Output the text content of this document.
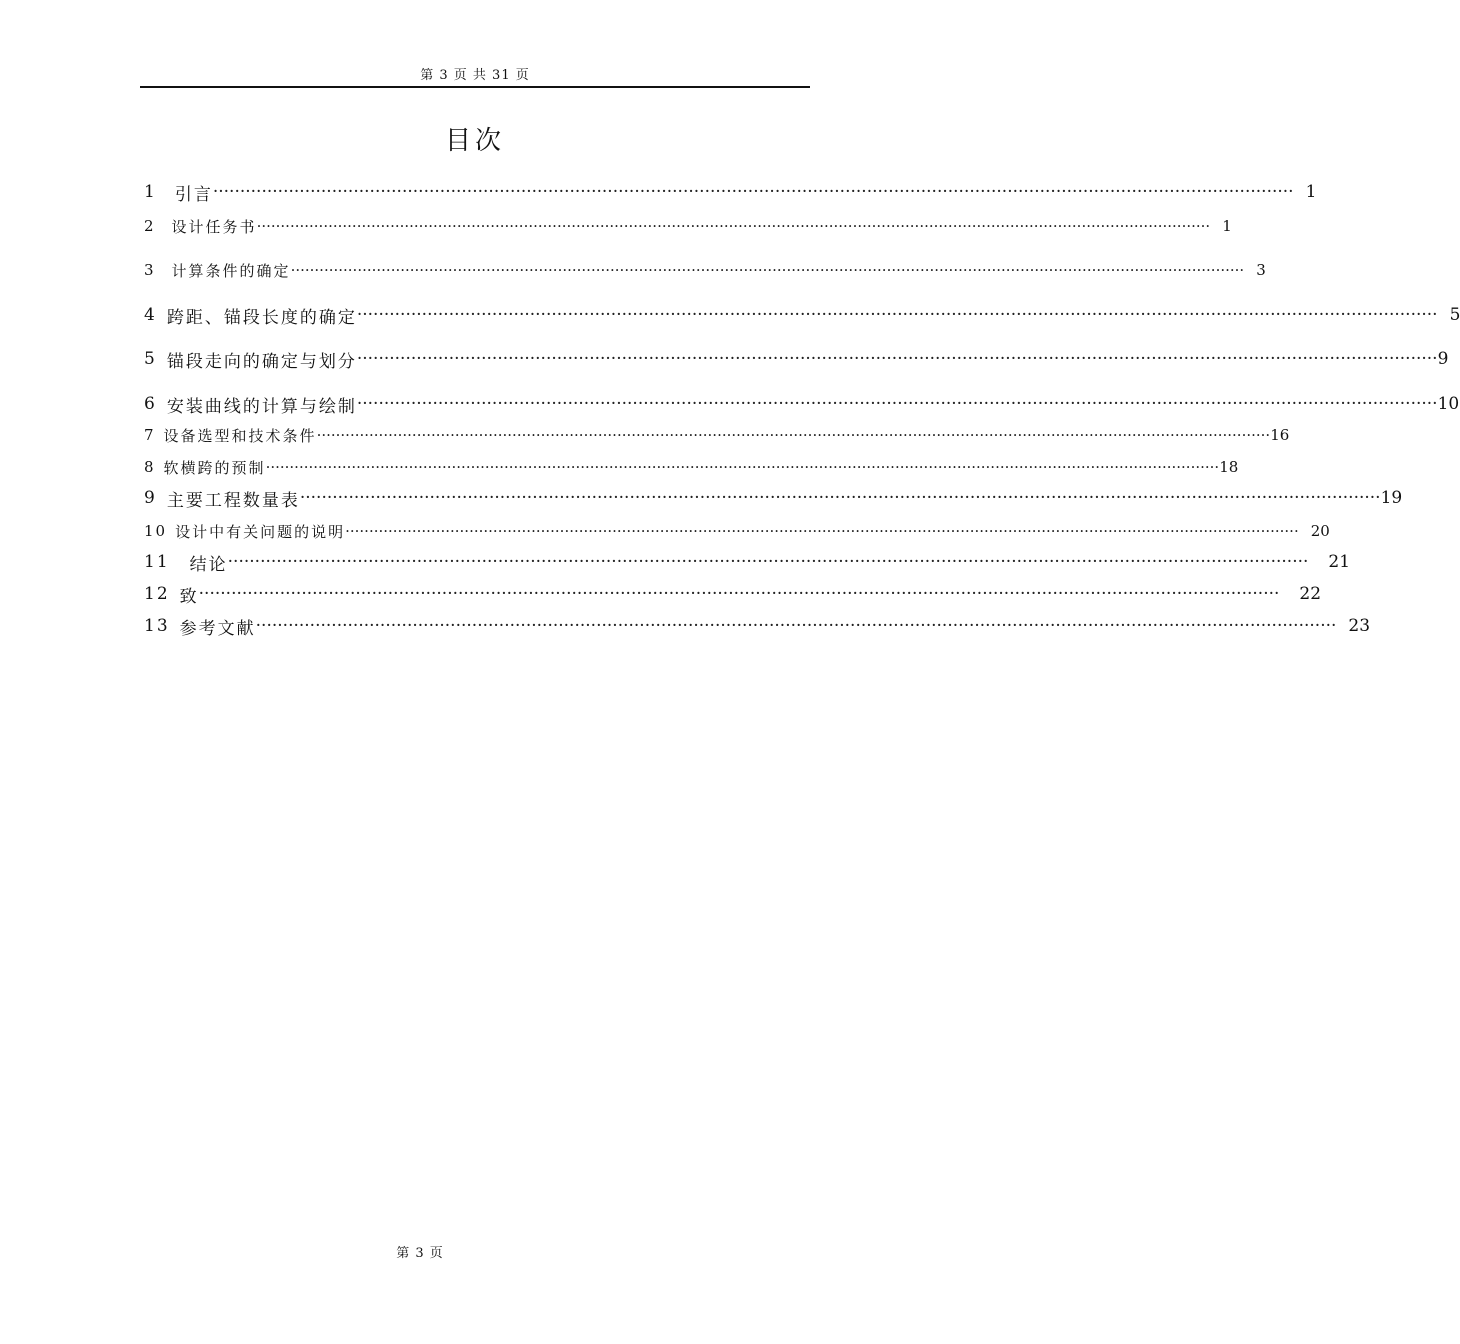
第 3 页 共 31 页
目次
1	引言 ········································································································································································································ 1
2	设计任务书 ········································································································································································································ 1
3	计算条件的确定 ········································································································································································································ 3
4 跨距、锚段长度的确定 ········································································································································································································ 5
5 锚段走向的确定与划分 ········································································································································································································ 9
6 安装曲线的计算与绘制 ········································································································································································································ 10
7 设备选型和技术条件 ········································································································································································································ 16
8 软横跨的预制 ········································································································································································································ 18
9 主要工程数量表 ········································································································································································································ 19
10 设计中有关问题的说明 ········································································································································································································ 20
11	结论 ········································································································································································································	21
12 致 ········································································································································································································	22
13 参考文献 ········································································································································································································ 23
第 3 页
